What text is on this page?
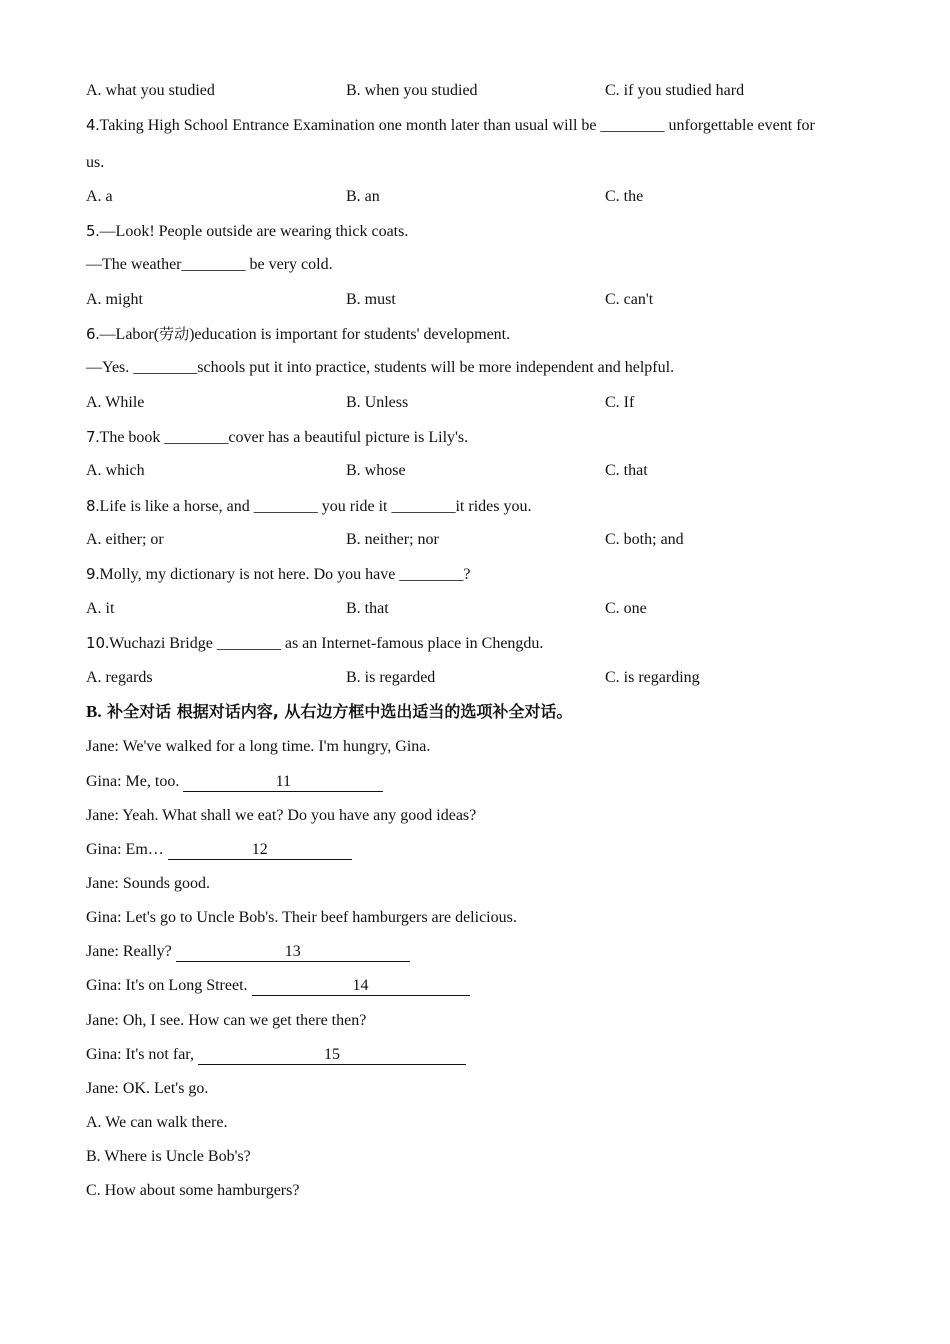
A. what you studied	B. when you studied	C. if you studied hard
4.Taking High School Entrance Examination one month later than usual will be ________ unforgettable event for
us.
A. a	B. an	C. the
5.—Look! People outside are wearing thick coats.
—The weather________ be very cold.
A. might	B. must	C. can't
6.—Labor(劳动)education is important for students' development.
—Yes. ________schools put it into practice, students will be more independent and helpful.
A. While	B. Unless	C. If
7.The book ________cover has a beautiful picture is Lily's.
A. which	B. whose	C. that
8.Life is like a horse, and ________ you ride it ________it rides you.
A. either; or	B. neither; nor	C. both; and
9.Molly, my dictionary is not here. Do you have ________?
A. it	B. that	C. one
10.Wuchazi Bridge ________ as an Internet-famous place in Chengdu.
A. regards	B. is regarded	C. is regarding
B. 补全对话 根据对话内容, 从右边方框中选出适当的选项补全对话。
Jane: We've walked for a long time. I'm hungry, Gina.
Gina: Me, too.	11
Jane: Yeah. What shall we eat? Do you have any good ideas?
Gina: Em…	12
Jane: Sounds good.
Gina: Let's go to Uncle Bob's. Their beef hamburgers are delicious.
Jane: Really?	13
Gina: It's on Long Street.	14
Jane: Oh, I see. How can we get there then?
Gina: It's not far,	15
Jane: OK. Let's go.
A. We can walk there.
B. Where is Uncle Bob's?
C. How about some hamburgers?
